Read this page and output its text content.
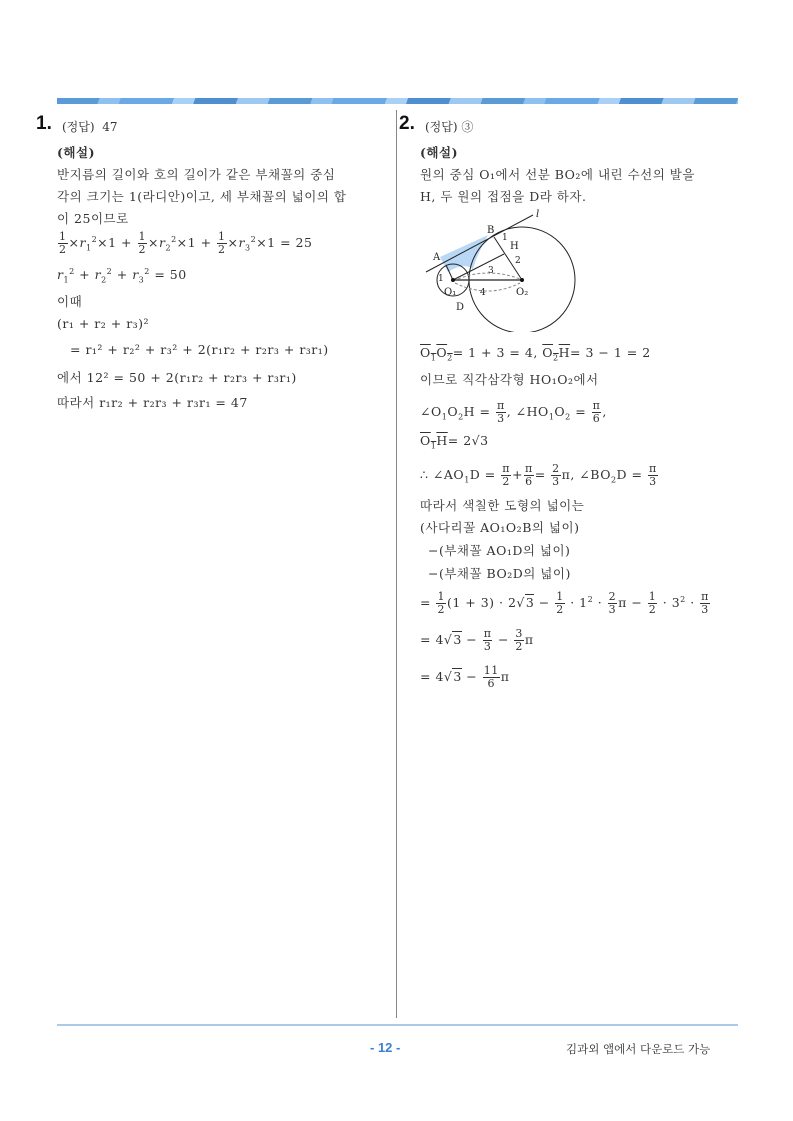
1. (정답) 47
(해설)
반지름의 길이와 호의 길이가 같은 부채꼴의 중심
각의 크기는 1(라디안)이고, 세 부채꼴의 넓이의 합
이 25이므로
$\frac{1}{2} \times r_1^2\times 1 + \frac{1}{2} \times r_2^2\times 1 + \frac{1}{2} \times r_3^2\times 1 = 25$
$r_1^2 + r_2^2 + r_3^2 = 50$
이때
(r₁ + r₂ + r₃)²
= r₁² + r₂² + r₃² + 2(r₁r₂ + r₂r₃ + r₃r₁)
에서 12² = 50 + 2(r₁r₂ + r₂r₃ + r₃r₁)
따라서 r₁r₂ + r₂r₃ + r₃r₁ = 47
2. (정답) ③
(해설)
원의 중심 O₁에서 선분 BO₂에 내린 수선의 발을
H, 두 원의 접점을 D라 하자.
l
B
1
H
A	2
3
1
O₁	4	O₂
D
$O_1O_2= 1 + 3 = 4$, $O_2H= 3 - 1 = 2$
이므로 직각삼각형 HO₁O₂에서
$\angle O_1O_2H = \frac{\pi}{3}$ , $\angle HO_1O_2 = \frac{\pi}{6}$ ,
$O_1H= 2√3$
∴ $\angle AO_1D = \frac{\pi}{2} + \frac{\pi}{6} = \frac{2}{3} \pi$, $\angle BO_2D = \frac{\pi}{3}$
따라서 색칠한 도형의 넓이는
(사다리꼴 AO₁O₂B의 넓이)
−(부채꼴 AO₁D의 넓이)
−(부채꼴 BO₂D의 넓이)
= $\frac{1}{2} (1 + 3) \cdot 2√3 - \frac{1}{2} \cdot 1^2 \cdot \frac{2}{3}$ $\pi - \frac{1}{2} \cdot 3^2 \cdot \frac{\pi}{3}$
= $4√3 - \frac{\pi}{3} - \frac{3}{2}$ π
= $4√3 - \frac{11}{6}$ π
- 12 -	김과외 앱에서 다운로드 가능
